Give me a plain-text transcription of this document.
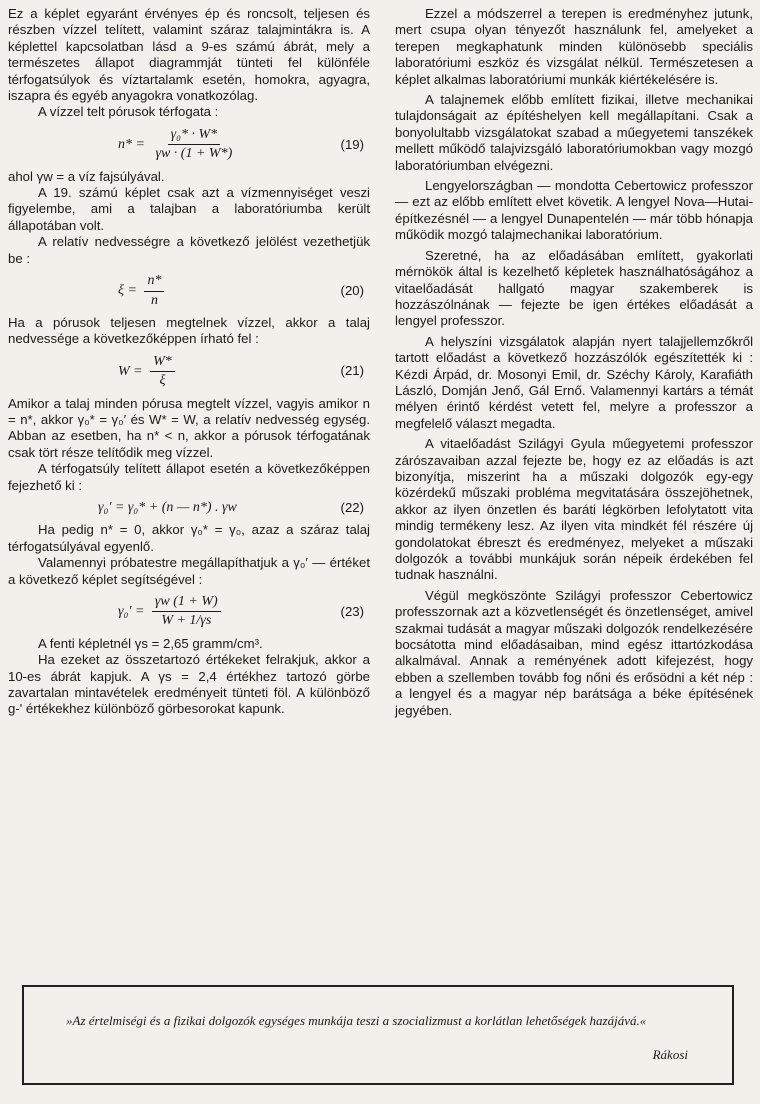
Ez a képlet egyaránt érvényes ép és roncsolt, teljesen és részben vízzel telített, valamint száraz talajmintákra is. A képlettel kapcsolatban lásd a 9-es számú ábrát, mely a természetes állapot diagrammját tünteti fel különféle térfogatsúlyok és víztartalamk esetén, homokra, agyagra, iszapra és egyéb anyagokra vonatkozólag.

A vízzel telt pórusok térfogata :

$n* = \frac{\text{γ₀* · W*}}{\gamma w \cdot (1 + W*)}$	(19)

ahol γw = a víz fajsúlyával.

A 19. számú képlet csak azt a vízmennyiséget veszi figyelembe, ami a talajban a laboratóriumba került állapotában volt.

A relatív nedvességre a következő jelölést vezethetjük be :

$\xi = \frac{n*}{n}$	(20)

Ha a pórusok teljesen megtelnek vízzel, akkor a talaj nedvessége a következőképpen írható fel :

$W = \frac{W*}{\xi}$	(21)

Amikor a talaj minden pórusa megtelt vízzel, vagyis amikor n = n*, akkor γ₀* = γ₀′ és W* = W, a relatív nedvesség egység. Abban az esetben, ha n* < n, akkor a pórusok térfogatának csak tört része telítődik meg vízzel.

A térfogatsúly telített állapot esetén a következőképpen fejezhető ki :

γ₀′ = γ₀* + (n — n*) . γw	(22)

Ha pedig n* = 0, akkor γ₀* = γ₀, azaz a száraz talaj térfogatsúlyával egyenlő.

Valamennyi próbatestre megállapíthatjuk a γ₀′ — értéket a következő képlet segítségével :

$\gamma_0' = \frac{\gamma w (1 + W)}{W + 1/\gamma s}$	(23)

A fenti képletnél γs = 2,65 gramm/cm³.

Ha ezeket az összetartozó értékeket felrakjuk, akkor a 10-es ábrát kapjuk. A γs = 2,4 értékhez tartozó görbe zavartalan mintavételek eredményeit tünteti föl. A különböző g-' értékekhez különböző görbesorokat kapunk.

Ezzel a módszerrel a terepen is eredményhez jutunk, mert csupa olyan tényezőt használunk fel, amelyeket a terepen megkaphatunk minden különösebb speciális laboratóriumi eszköz és vizsgálat nélkül. Természetesen a képlet alkalmas laboratóriumi munkák kiértékelésére is.

A talajnemek előbb említett fizikai, illetve mechanikai tulajdonságait az építéshelyen kell megállapítani. Csak a bonyolultabb vizsgálatokat szabad a műegyetemi tanszékek mellett működő talajvizsgáló laboratóriumokban vagy mozgó laboratóriumban elvégezni.

Lengyelországban — mondotta Cebertowicz professzor — ezt az előbb említett elvet követik. A lengyel Nova—Hutai- építkezésnél — a lengyel Dunapentelén — már több hónapja működik mozgó talajmechanikai laboratórium.

Szeretné, ha az előadásában említett, gyakorlati mérnökök által is kezelhető képletek használhatóságához a vitaelőadását hallgató magyar szakemberek is hozzászólnának — fejezte be igen értékes előadását a lengyel professzor.

A helyszíni vizsgálatok alapján nyert talajjellemzőkről tartott előadást a következő hozzászólók egészítették ki : Kézdi Árpád, dr. Mosonyi Emil, dr. Széchy Károly, Karafiáth László, Domján Jenő, Gál Ernő. Valamennyi kartárs a témát mélyen érintő kérdést vetett fel, melyre a professzor a megfelelő választ megadta.

A vitaelőadást Szilágyi Gyula műegyetemi professzor zárószavaiban azzal fejezte be, hogy ez az előadás is azt bizonyítja, miszerint ha a műszaki dolgozók egy-egy közérdekű műszaki probléma megvitatására összejöhetnek, akkor az ilyen önzetlen és baráti légkörben lefolytatott vita mindig termékeny lesz. Az ilyen vita mindkét fél részére új gondolatokat ébreszt és eredményez, melyeket a műszaki dolgozók a további munkájuk során népeik érdekében fel tudnak használni.

Végül megköszönte Szilágyi professzor Cebertowicz professzornak azt a közvetlenségét és önzetlenséget, amivel szakmai tudását a magyar műszaki dolgozók rendelkezésére bocsátotta mind előadásaiban, mind egész ittartózkodása alkalmával. Annak a reményének adott kifejezést, hogy ebben a szellemben tovább fog nőni és erősödni a két nép : a lengyel és a magyar nép barátsága a béke építésének jegyében.

»Az értelmiségi és a fizikai dolgozók egységes munkája teszi a szocializmust a korlátlan lehetőségek hazájává.«
Rákosi
